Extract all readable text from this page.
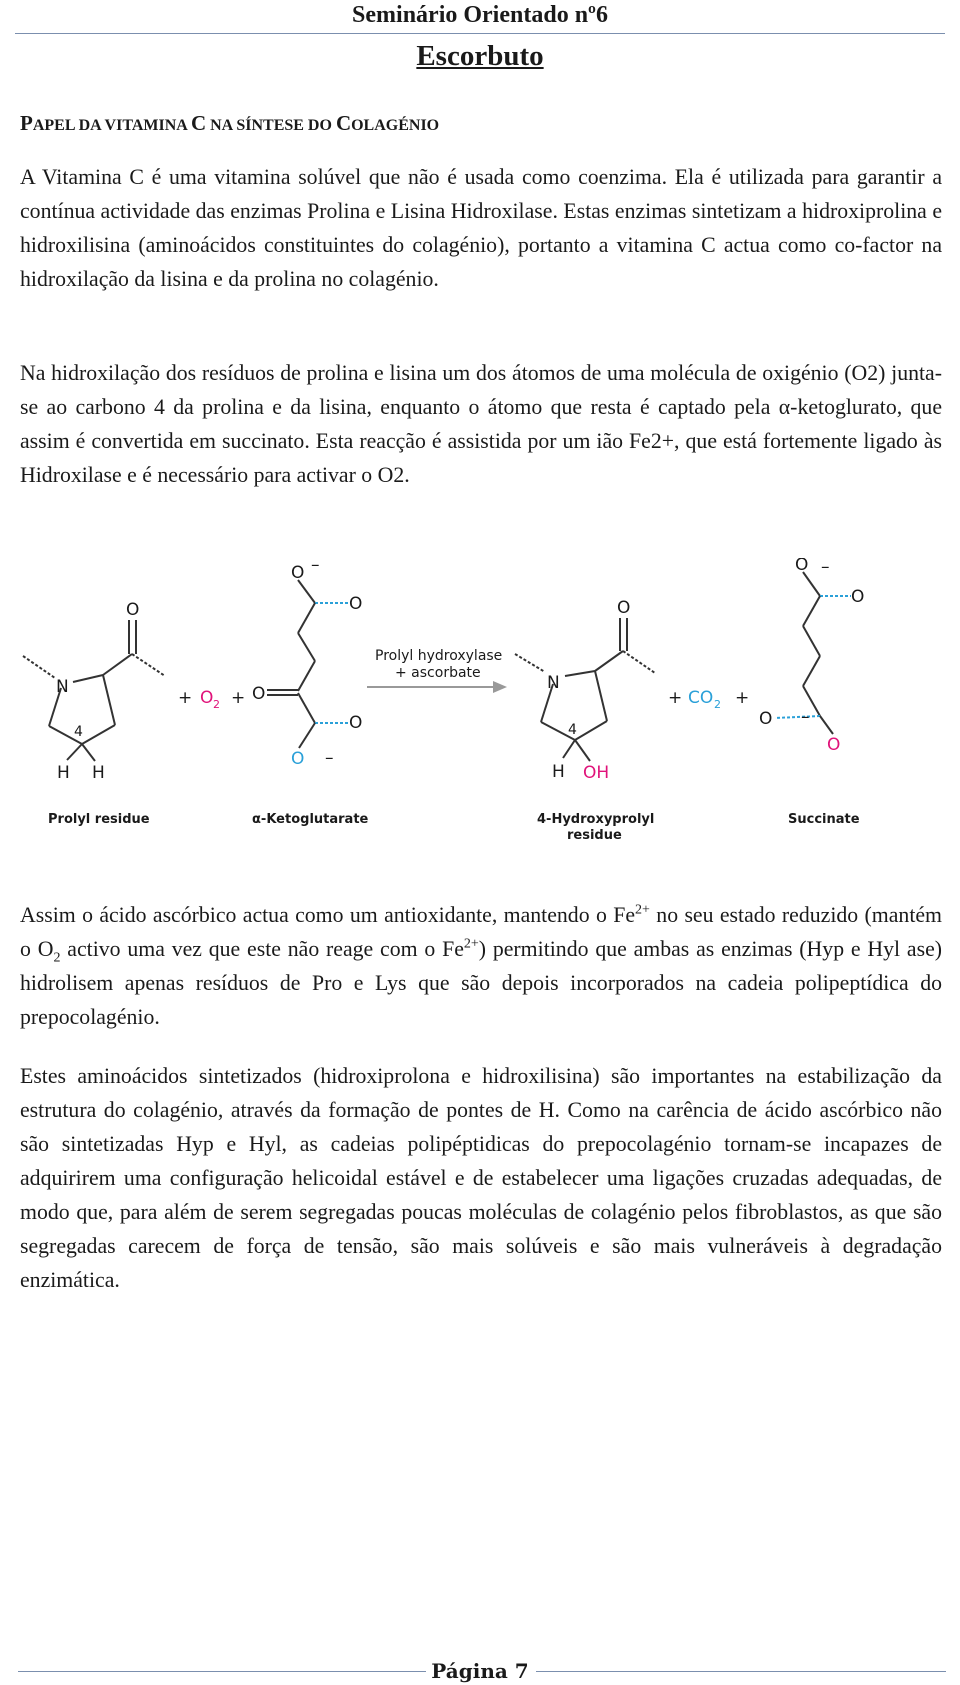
Seminário Orientado nº6
Escorbuto
PAPEL DA VITAMINA C NA SÍNTESE DO COLAGÉNIO

A Vitamina C é uma vitamina solúvel que não é usada como coenzima. Ela é utilizada para garantir a contínua actividade das enzimas Prolina e Lisina Hidroxilase. Estas enzimas sintetizam a hidroxiprolina e hidroxilisina (aminoácidos constituintes do colagénio), portanto a vitamina C actua como co-factor na hidroxilação da lisina e da prolina no colagénio.

Na hidroxilação dos resíduos de prolina e lisina um dos átomos de uma molécula de oxigénio (O2) junta-se ao carbono 4 da prolina e da lisina, enquanto o átomo que resta é captado pela α-ketoglurato, que assim é convertida em succinato. Esta reacção é assistida por um ião Fe2+, que está fortemente ligado às Hidroxilase e é necessário para activar o O2.

N
O
4
H H
Prolyl residue
+ O 2 +
O –
O
O
O
O –
α-Ketoglutarate
Prolyl hydroxylase
+ ascorbate	N
O
4
H OH
4-Hydroxyprolyl
residue
+ CO 2 +
O –
O
O –
O
Succinate

Assim o ácido ascórbico actua como um antioxidante, mantendo o $Fe^{2+}$ no seu estado reduzido (mantém o $O_2$ activo uma vez que este não reage com o $Fe^{2+}$) permitindo que ambas as enzimas (Hyp e Hyl ase) hidrolisem apenas resíduos de Pro e Lys que são depois incorporados na cadeia polipeptídica do prepocolagénio.

Estes aminoácidos sintetizados (hidroxiprolona e hidroxilisina) são importantes na estabilização da estrutura do colagénio, através da formação de pontes de H. Como na carência de ácido ascórbico não são sintetizadas Hyp e Hyl, as cadeias polipéptidicas do prepocolagénio tornam-se incapazes de adquirirem uma configuração helicoidal estável e de estabelecer uma ligações cruzadas adequadas, de modo que, para além de serem segregadas poucas moléculas de colagénio pelos fibroblastos, as que são segregadas carecem de força de tensão, são mais solúveis e são mais vulneráveis à degradação enzimática.

Página 7
